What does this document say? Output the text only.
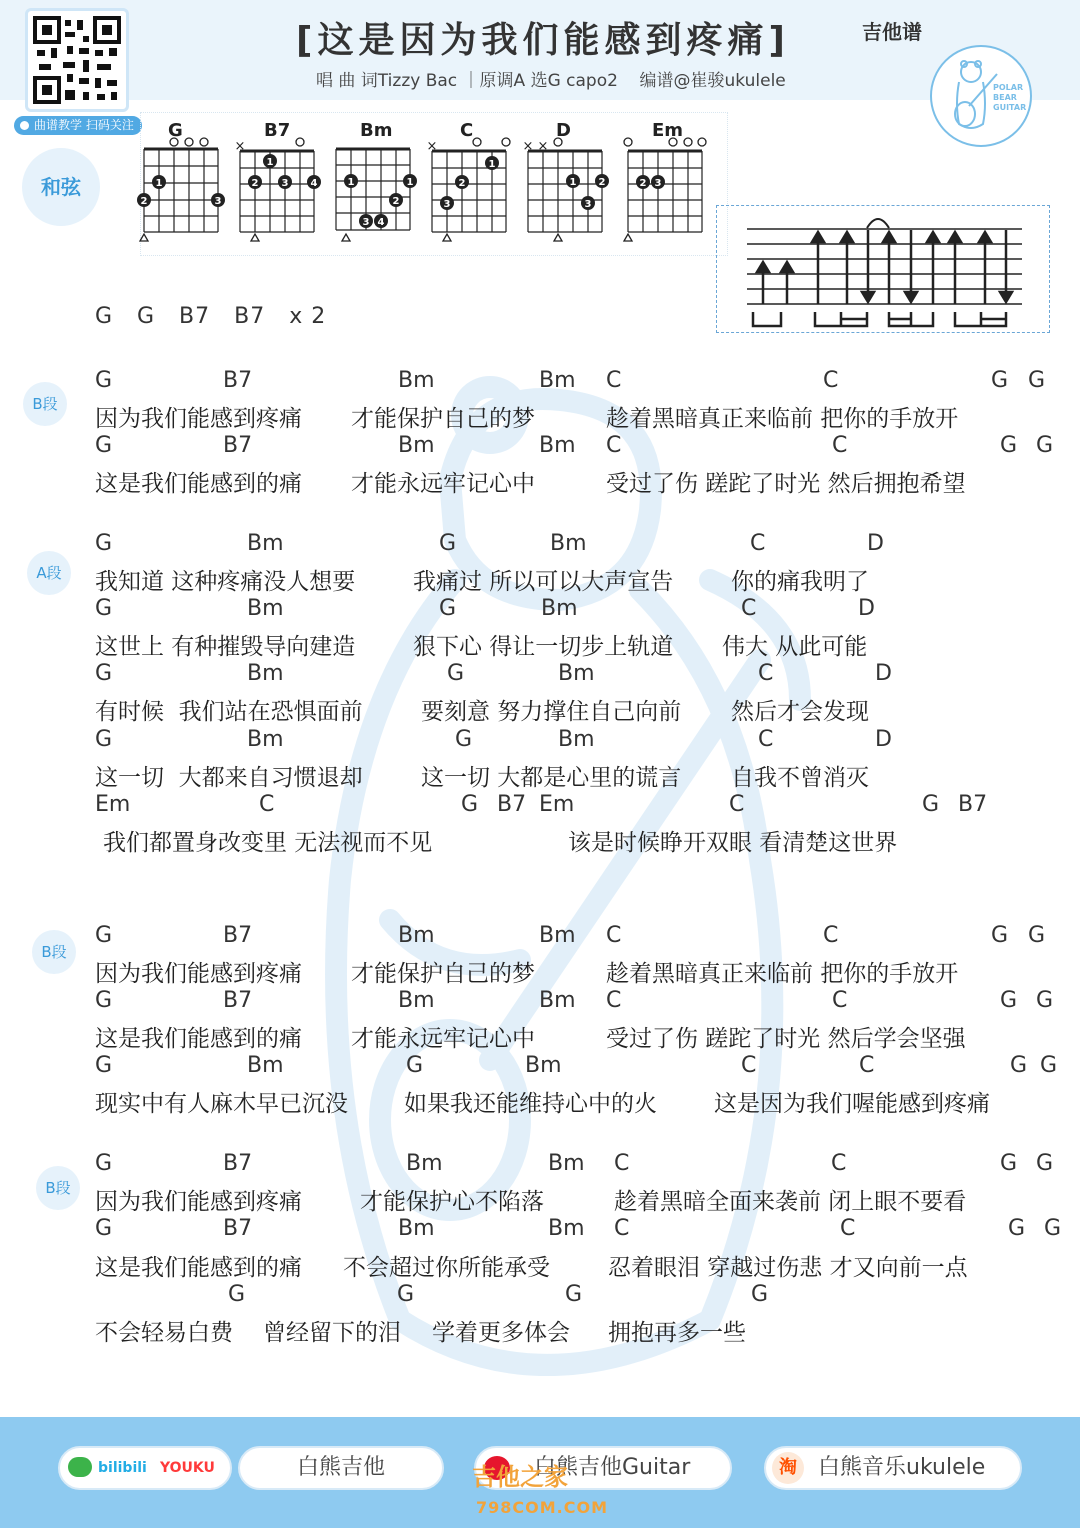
曲谱教学 扫码关注
[这是因为我们能感到疼痛]	吉他谱
唱 曲 词Tizzy Bac ｜原调A 选G capo2    编谱@崔骏ukulele	POLAR
BEAR
GUITAR
和弦
G
1
2	3
B7
×
1
2 3 4
Bm
1	1
2
3 4
C
×
1
2
3
D
× ×
1 2
3
Em
2 3
G   G   B7   B7   x 2
B段
G	B7	Bm	Bm C	C	G G
因为我们能感到疼痛 才能保护自己的梦	趁着黑暗真正来临前 把你的手放开
G	B7	Bm	Bm C	C	G G
这是我们能感到的痛 才能永远牢记心中	受过了伤 蹉跎了时光 然后拥抱希望
A段
G	Bm	G	Bm	C	D
我知道 这种疼痛没人想要	我痛过 所以可以大声宣告	你的痛我明了
G	Bm	G	Bm	C	D
这世上 有种摧毁导向建造	狠下心 得让一切步上轨道 伟大 从此可能
G	Bm	G	Bm	C	D
有时候  我们站在恐惧面前	要刻意 努力撑住自己向前 然后才会发现
G	Bm	G	Bm	C	D
这一切  大都来自习惯退却	这一切 大都是心里的谎言 自我不曾消灭
Em	C	G B7 Em	C	G B7
我们都置身改变里 无法视而不见	该是时候睁开双眼 看清楚这世界
B段
G	B7	Bm	Bm C	C	G G
因为我们能感到疼痛 才能保护自己的梦	趁着黑暗真正来临前 把你的手放开
G	B7	Bm	Bm C	C	G G
这是我们能感到的痛 才能永远牢记心中	受过了伤 蹉跎了时光 然后学会坚强
G	Bm	G	Bm	C	C	G G
现实中有人麻木早已沉没 如果我还能维持心中的火 这是因为我们喔能感到疼痛
B段
G	B7	Bm	Bm C	C	G G
因为我们能感到疼痛	才能保护心不陷落	趁着黑暗全面来袭前 闭上眼不要看
G	B7	Bm	Bm C	C	G G
这是我们能感到的痛 不会超过你所能承受	忍着眼泪 穿越过伤悲 才又向前一点
G	G	G	G
不会轻易白费 曾经留下的泪 学着更多体会 拥抱再多一些
bilibili YOUKU	白熊吉他	白熊吉他Guitar
吉他之家
798COM.COM
淘 白熊音乐ukulele
